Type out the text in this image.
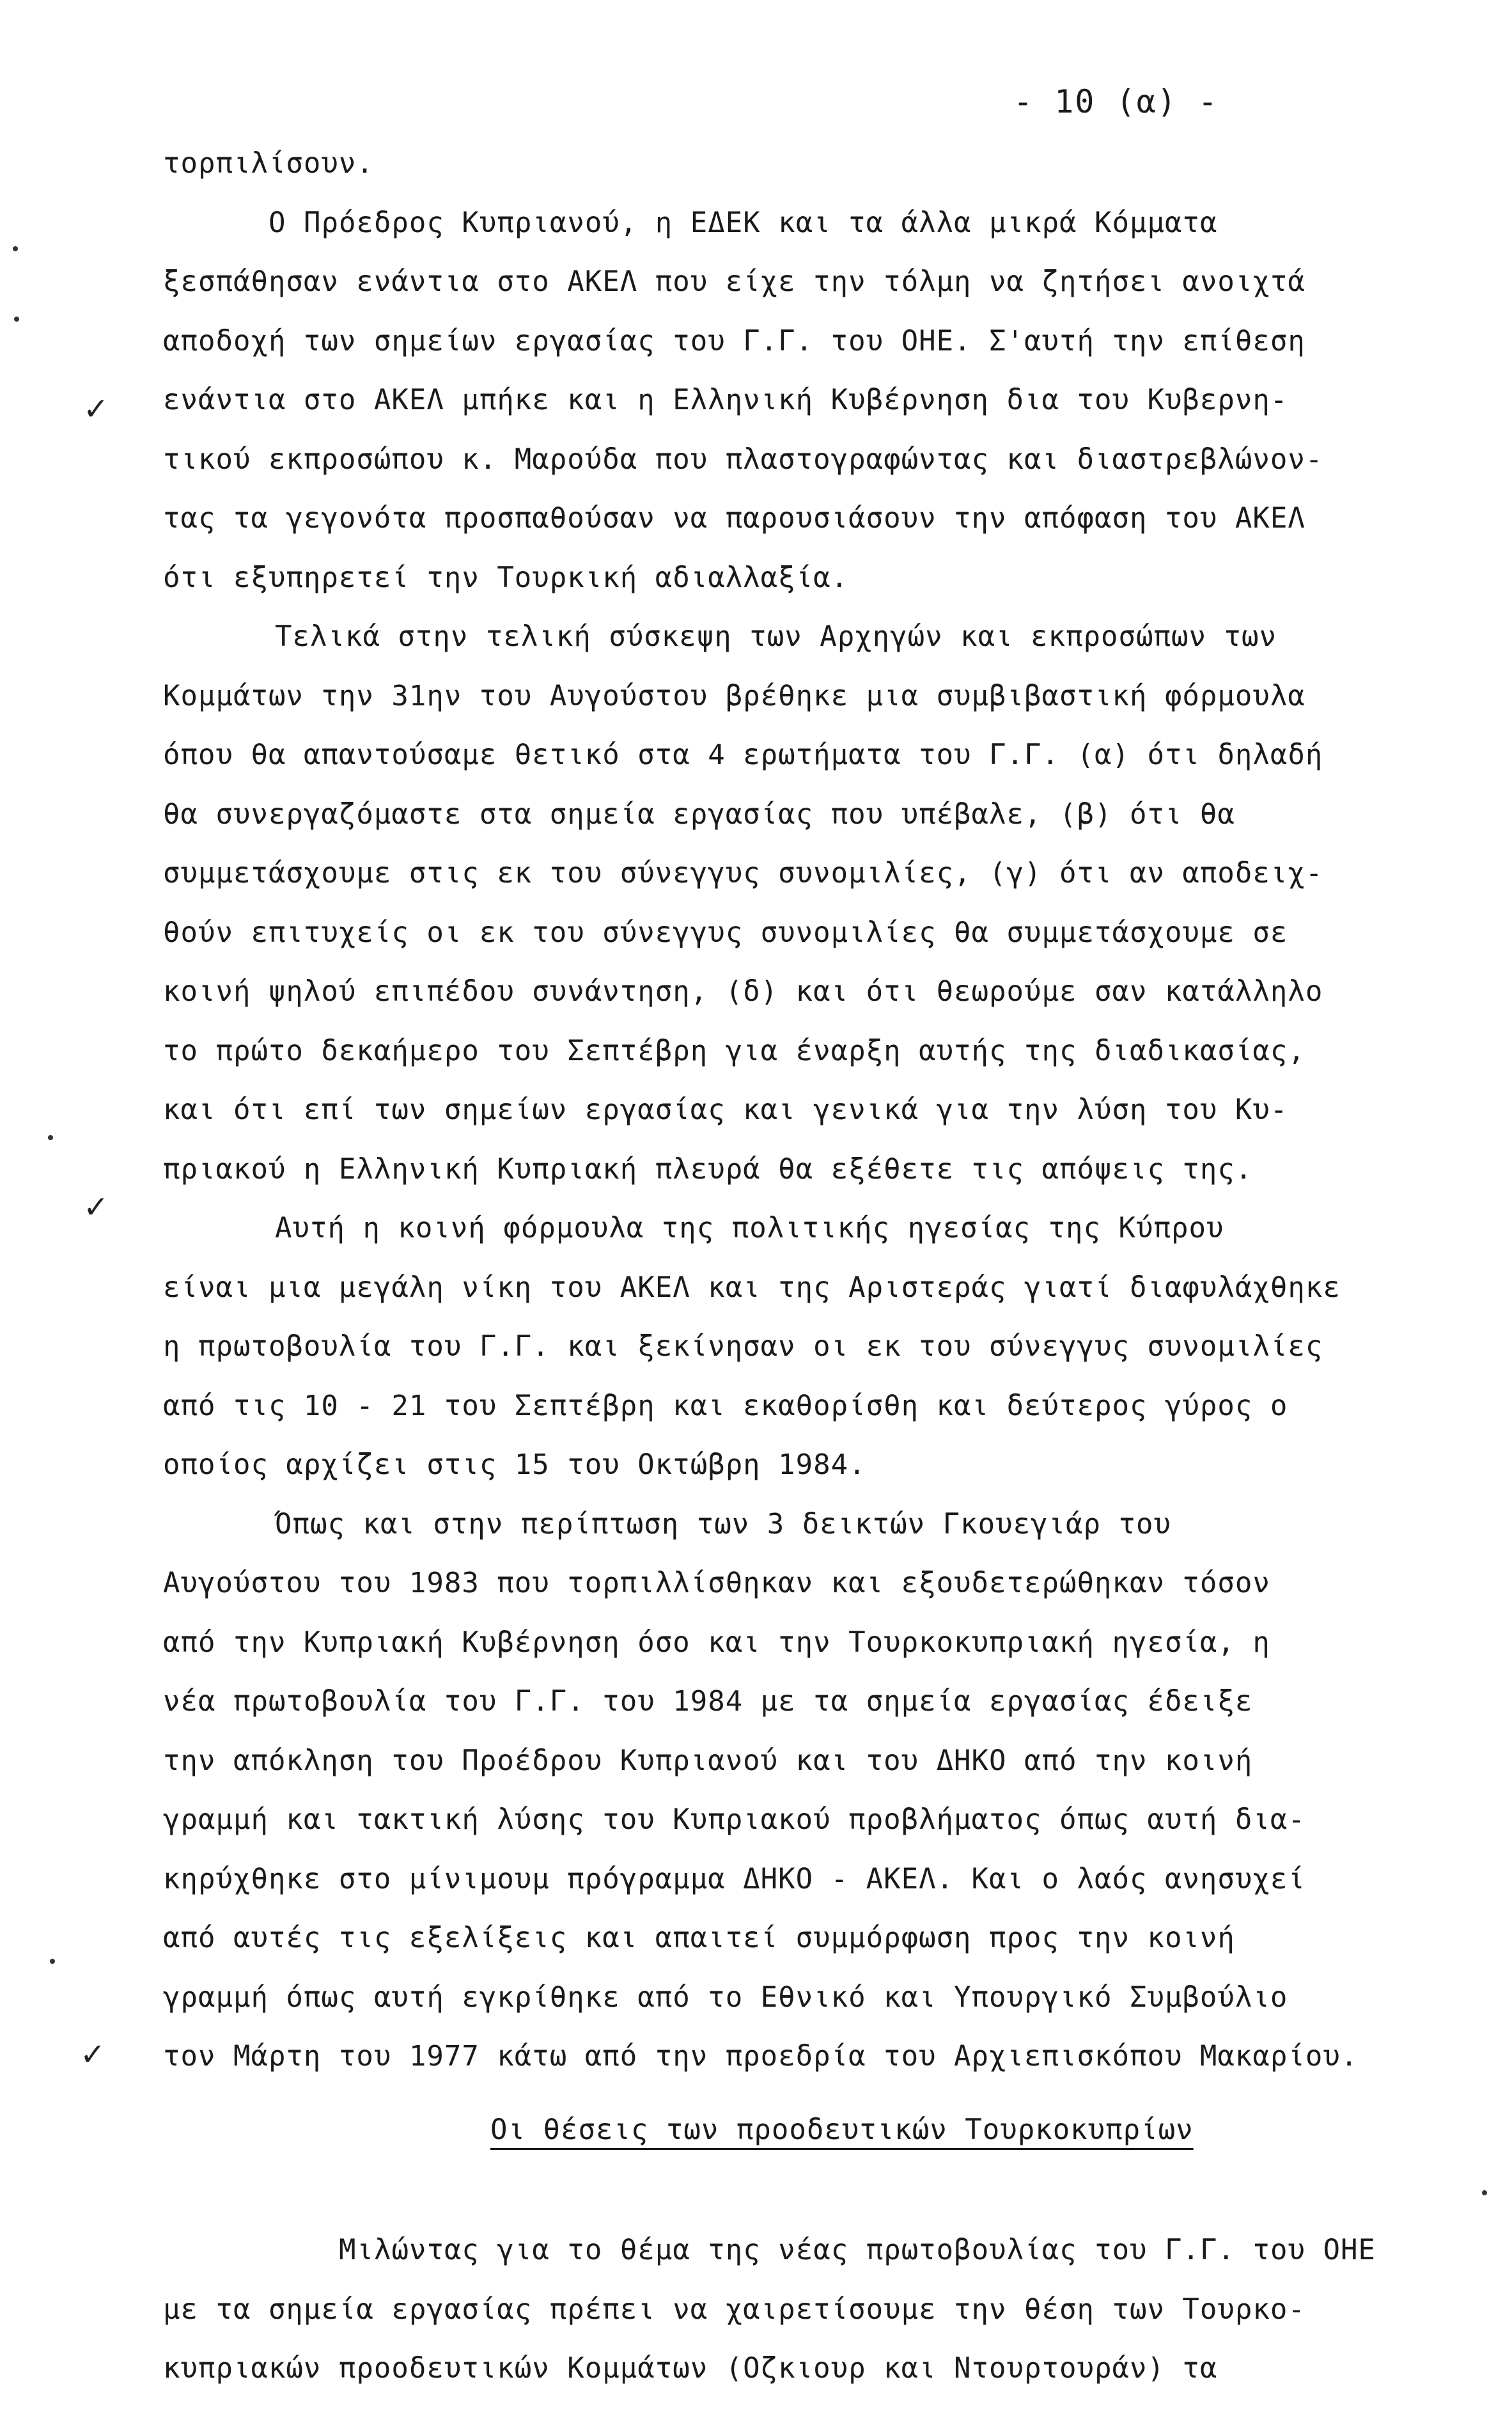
- 10 (α) -
✓
✓
✓

τορπιλίσουν.

Ο Πρόεδρος Κυπριανού, η ΕΔΕΚ και τα άλλα μικρά Κόμματα
ξεσπάθησαν ενάντια στο ΑΚΕΛ που είχε την τόλμη να ζητήσει ανοιχτά
αποδοχή των σημείων εργασίας του Γ.Γ. του ΟΗΕ. Σ'αυτή την επίθεση
ενάντια στο ΑΚΕΛ μπήκε και η Ελληνική Κυβέρνηση δια του Κυβερνη-
τικού εκπροσώπου κ. Μαρούδα που πλαστογραφώντας και διαστρεβλώνον-
τας τα γεγονότα προσπαθούσαν να παρουσιάσουν την απόφαση του ΑΚΕΛ
ότι εξυπηρετεί την Τουρκική αδιαλλαξία.

Τελικά στην τελική σύσκεψη των Αρχηγών και εκπροσώπων των
Κομμάτων την 31ην του Αυγούστου βρέθηκε μια συμβιβαστική φόρμουλα
όπου θα απαντούσαμε θετικό στα 4 ερωτήματα του Γ.Γ. (α) ότι δηλαδή
θα συνεργαζόμαστε στα σημεία εργασίας που υπέβαλε, (β) ότι θα
συμμετάσχουμε στις εκ του σύνεγγυς συνομιλίες, (γ) ότι αν αποδειχ-
θούν επιτυχείς οι εκ του σύνεγγυς συνομιλίες θα συμμετάσχουμε σε
κοινή ψηλού επιπέδου συνάντηση, (δ) και ότι θεωρούμε σαν κατάλληλο
το πρώτο δεκαήμερο του Σεπτέβρη για έναρξη αυτής της διαδικασίας,
και ότι επί των σημείων εργασίας και γενικά για την λύση του Κυ-
πριακού η Ελληνική Κυπριακή πλευρά θα εξέθετε τις απόψεις της.

Αυτή η κοινή φόρμουλα της πολιτικής ηγεσίας της Κύπρου
είναι μια μεγάλη νίκη του ΑΚΕΛ και της Αριστεράς γιατί διαφυλάχθηκε
η πρωτοβουλία του Γ.Γ. και ξεκίνησαν οι εκ του σύνεγγυς συνομιλίες
από τις 10 - 21 του Σεπτέβρη και εκαθορίσθη και δεύτερος γύρος ο
οποίος αρχίζει στις 15 του Οκτώβρη 1984.

Όπως και στην περίπτωση των 3 δεικτών Γκουεγιάρ του
Αυγούστου του 1983 που τορπιλλίσθηκαν και εξουδετερώθηκαν τόσον
από την Κυπριακή Κυβέρνηση όσο και την Τουρκοκυπριακή ηγεσία, η
νέα πρωτοβουλία του Γ.Γ. του 1984 με τα σημεία εργασίας έδειξε
την απόκληση του Προέδρου Κυπριανού και του ΔΗΚΟ από την κοινή
γραμμή και τακτική λύσης του Κυπριακού προβλήματος όπως αυτή δια-
κηρύχθηκε στο μίνιμουμ πρόγραμμα ΔΗΚΟ - ΑΚΕΛ. Και ο λαός ανησυχεί
από αυτές τις εξελίξεις και απαιτεί συμμόρφωση προς την κοινή
γραμμή όπως αυτή εγκρίθηκε από το Εθνικό και Υπουργικό Συμβούλιο
τον Μάρτη του 1977 κάτω από την προεδρία του Αρχιεπισκόπου Μακαρίου.

Οι θέσεις των προοδευτικών Τουρκοκυπρίων

Μιλώντας για το θέμα της νέας πρωτοβουλίας του Γ.Γ. του ΟΗΕ
με τα σημεία εργασίας πρέπει να χαιρετίσουμε την θέση των Τουρκο-
κυπριακών προοδευτικών Κομμάτων (Οζκιουρ και Ντουρτουράν) τα
